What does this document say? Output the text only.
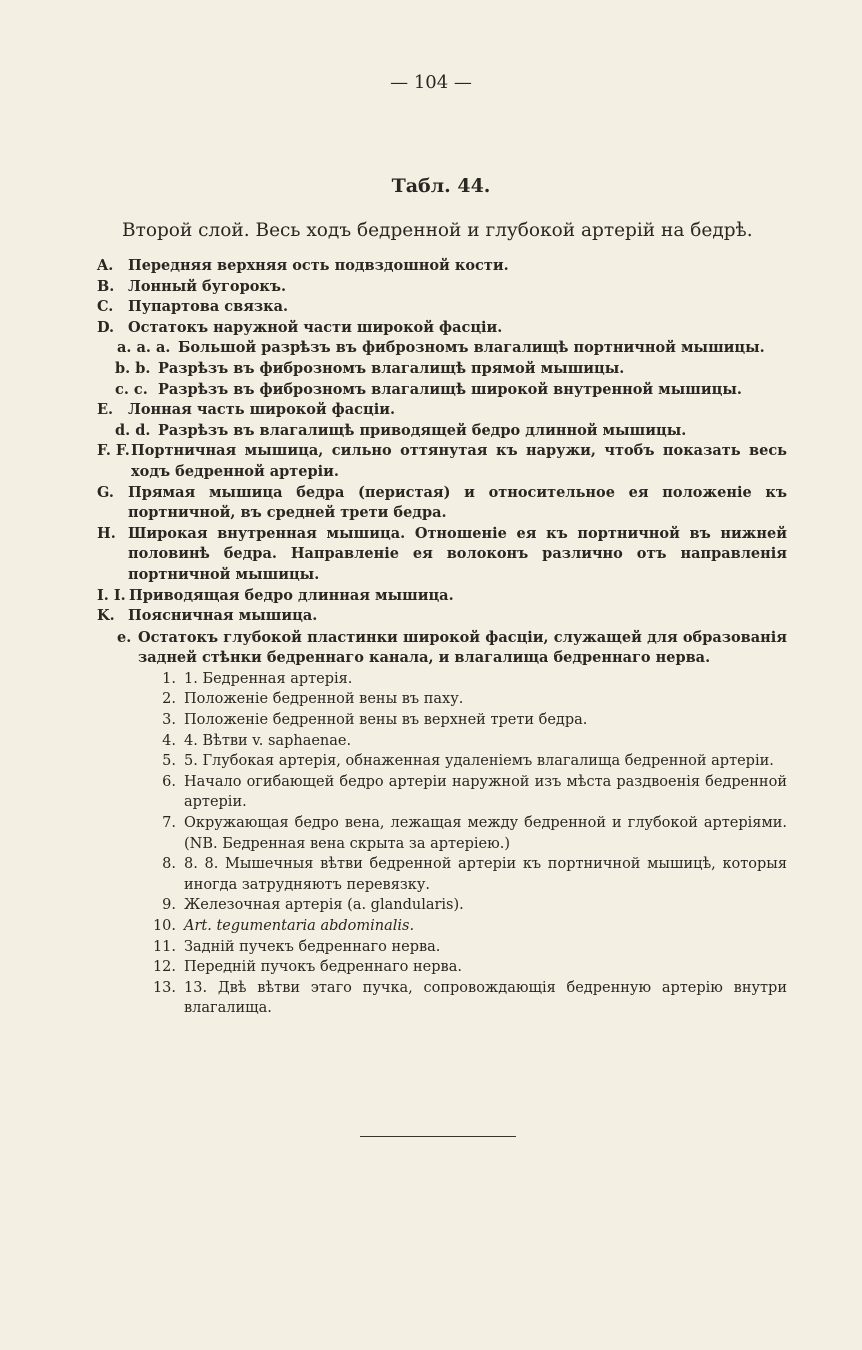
— 104 —
Табл. 44.
Второй слой. Весь ходъ бедренной и глубокой артерій на бедрѣ.
A.	Передняя верхняя ость подвздошной кости.
B. Лонный бугорокъ.
C.	Пупартова связка.
D. Остатокъ наружной части широкой фасціи.
a. a. a. Большой разрѣзъ въ фиброзномъ влагалищѣ портничной мышицы.
b. b. Разрѣзъ въ фиброзномъ влагалищѣ прямой мышицы.
c. c. Разрѣзъ въ фиброзномъ влагалищѣ широкой внутренной мышицы.
E.	Лонная часть широкой фасціи.
d. d. Разрѣзъ въ влагалищѣ приводящей бедро длинной мышицы.
F. F. Портничная мышица, сильно оттянутая къ наружи, чтобъ показать весь ходъ бедренной артеріи.
G. Прямая мышица бедра (перистая) и относительное ея положеніе къ портничной, въ средней трети бедра.
H. Широкая внутренная мышица. Отношеніе ея къ портничной въ нижней половинѣ бедра. Направленіе ея волоконъ различно отъ направленія портничной мышицы.
I. I. Приводящая бедро длинная мышица.
K. Поясничная мышица.
e. Остатокъ глубокой пластинки широкой фасціи, служащей для образованія задней стѣнки бедреннаго канала, и влагалища бедреннаго нерва.
1. 1. Бедренная артерія.
2. Положеніе бедренной вены въ паху.
3. Положеніе бедренной вены въ верхней трети бедра.
4. 4. Вѣтви v. saphaenae.
5. 5. Глубокая артерія, обнаженная удаленіемъ влагалища бедренной артеріи.
6. Начало огибающей бедро артеріи наружной изъ мѣста раздвоенія бедренной артеріи.
7. Окружающая бедро вена, лежащая между бедренной и глубокой артеріями. (NB. Бедренная вена скрыта за артеріею.)
8. 8. 8. Мышечныя вѣтви бедренной артеріи къ портничной мышицѣ, которыя иногда затрудняютъ перевязку.
9. Железочная артерія (a. glandularis).
10. Art. tegumentaria abdominalis.
11. Задній пучекъ бедреннаго нерва.
12. Передній пучокъ бедреннаго нерва.
13. 13. Двѣ вѣтви этаго пучка, сопровождающія бедренную артерію внутри влагалища.
